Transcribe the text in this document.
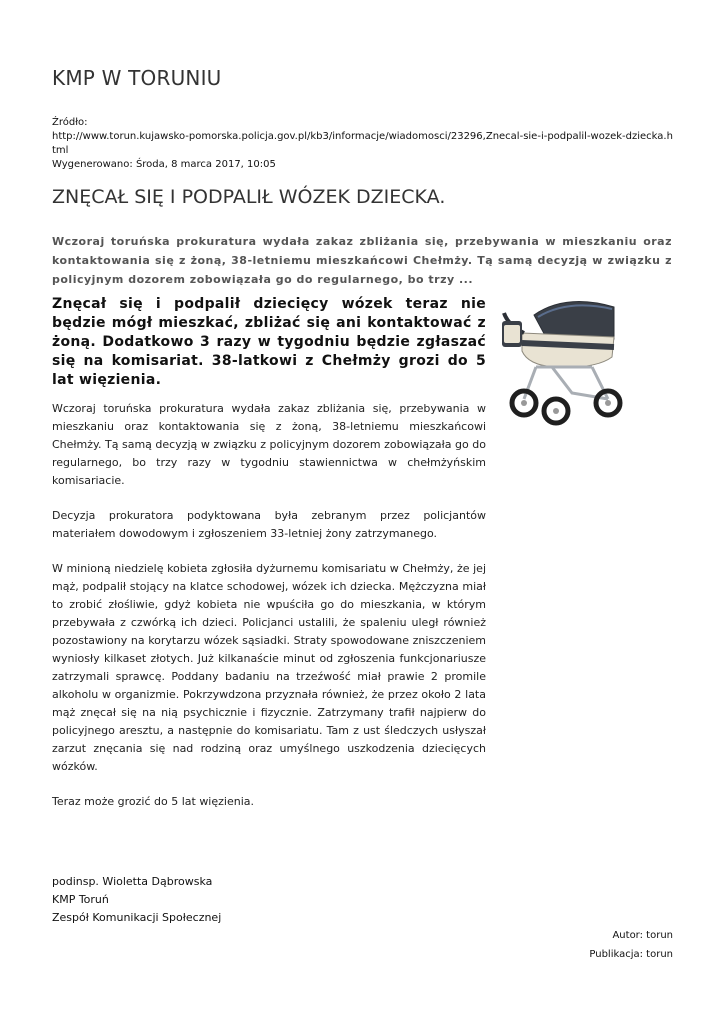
KMP W TORUNIU
Źródło:
http://www.torun.kujawsko-pomorska.policja.gov.pl/kb3/informacje/wiadomosci/23296,Znecal-sie-i-podpalil-wozek-dziecka.html
Wygenerowano: Środa, 8 marca 2017, 10:05
ZNĘCAŁ SIĘ I PODPALIŁ WÓZEK DZIECKA.
Wczoraj toruńska prokuratura wydała zakaz zbliżania się, przebywania w mieszkaniu oraz kontaktowania się z żoną, 38-letniemu mieszkańcowi Chełmży. Tą samą decyzją w związku z policyjnym dozorem zobowiązała go do regularnego, bo trzy ...
Znęcał się i podpalił dziecięcy wózek teraz nie będzie mógł mieszkać, zbliżać się ani kontaktować z żoną. Dodatkowo 3 razy w tygodniu będzie zgłaszać się na komisariat. 38-latkowi z Chełmży grozi do 5 lat więzienia.

Wczoraj toruńska prokuratura wydała zakaz zbliżania się, przebywania w mieszkaniu oraz kontaktowania się z żoną, 38-letniemu mieszkańcowi Chełmży. Tą samą decyzją w związku z policyjnym dozorem zobowiązała go do regularnego, bo trzy razy w tygodniu stawiennictwa w chełmżyńskim komisariacie.

Decyzja prokuratora podyktowana była zebranym przez policjantów materiałem dowodowym i zgłoszeniem 33-letniej żony zatrzymanego.

W minioną niedzielę kobieta zgłosiła dyżurnemu komisariatu w Chełmży, że jej mąż, podpalił stojący na klatce schodowej, wózek ich dziecka. Mężczyzna miał to zrobić złośliwie, gdyż kobieta nie wpuściła go do mieszkania, w którym przebywała z czwórką ich dzieci. Policjanci ustalili, że spaleniu uległ również pozostawiony na korytarzu wózek sąsiadki. Straty spowodowane zniszczeniem wyniosły kilkaset złotych. Już kilkanaście minut od zgłoszenia funkcjonariusze zatrzymali sprawcę. Poddany badaniu na trzeźwość miał prawie 2 promile alkoholu w organizmie. Pokrzywdzona przyznała również, że przez około 2 lata mąż znęcał się na nią psychicznie i fizycznie. Zatrzymany trafił najpierw do policyjnego aresztu, a następnie do komisariatu. Tam z ust śledczych usłyszał zarzut znęcania się nad rodziną oraz umyślnego uszkodzenia dziecięcych wózków.

Teraz może grozić do 5 lat więzienia.

podinsp. Wioletta Dąbrowska
KMP Toruń
Zespół Komunikacji Społecznej
Autor: torun
Publikacja: torun
